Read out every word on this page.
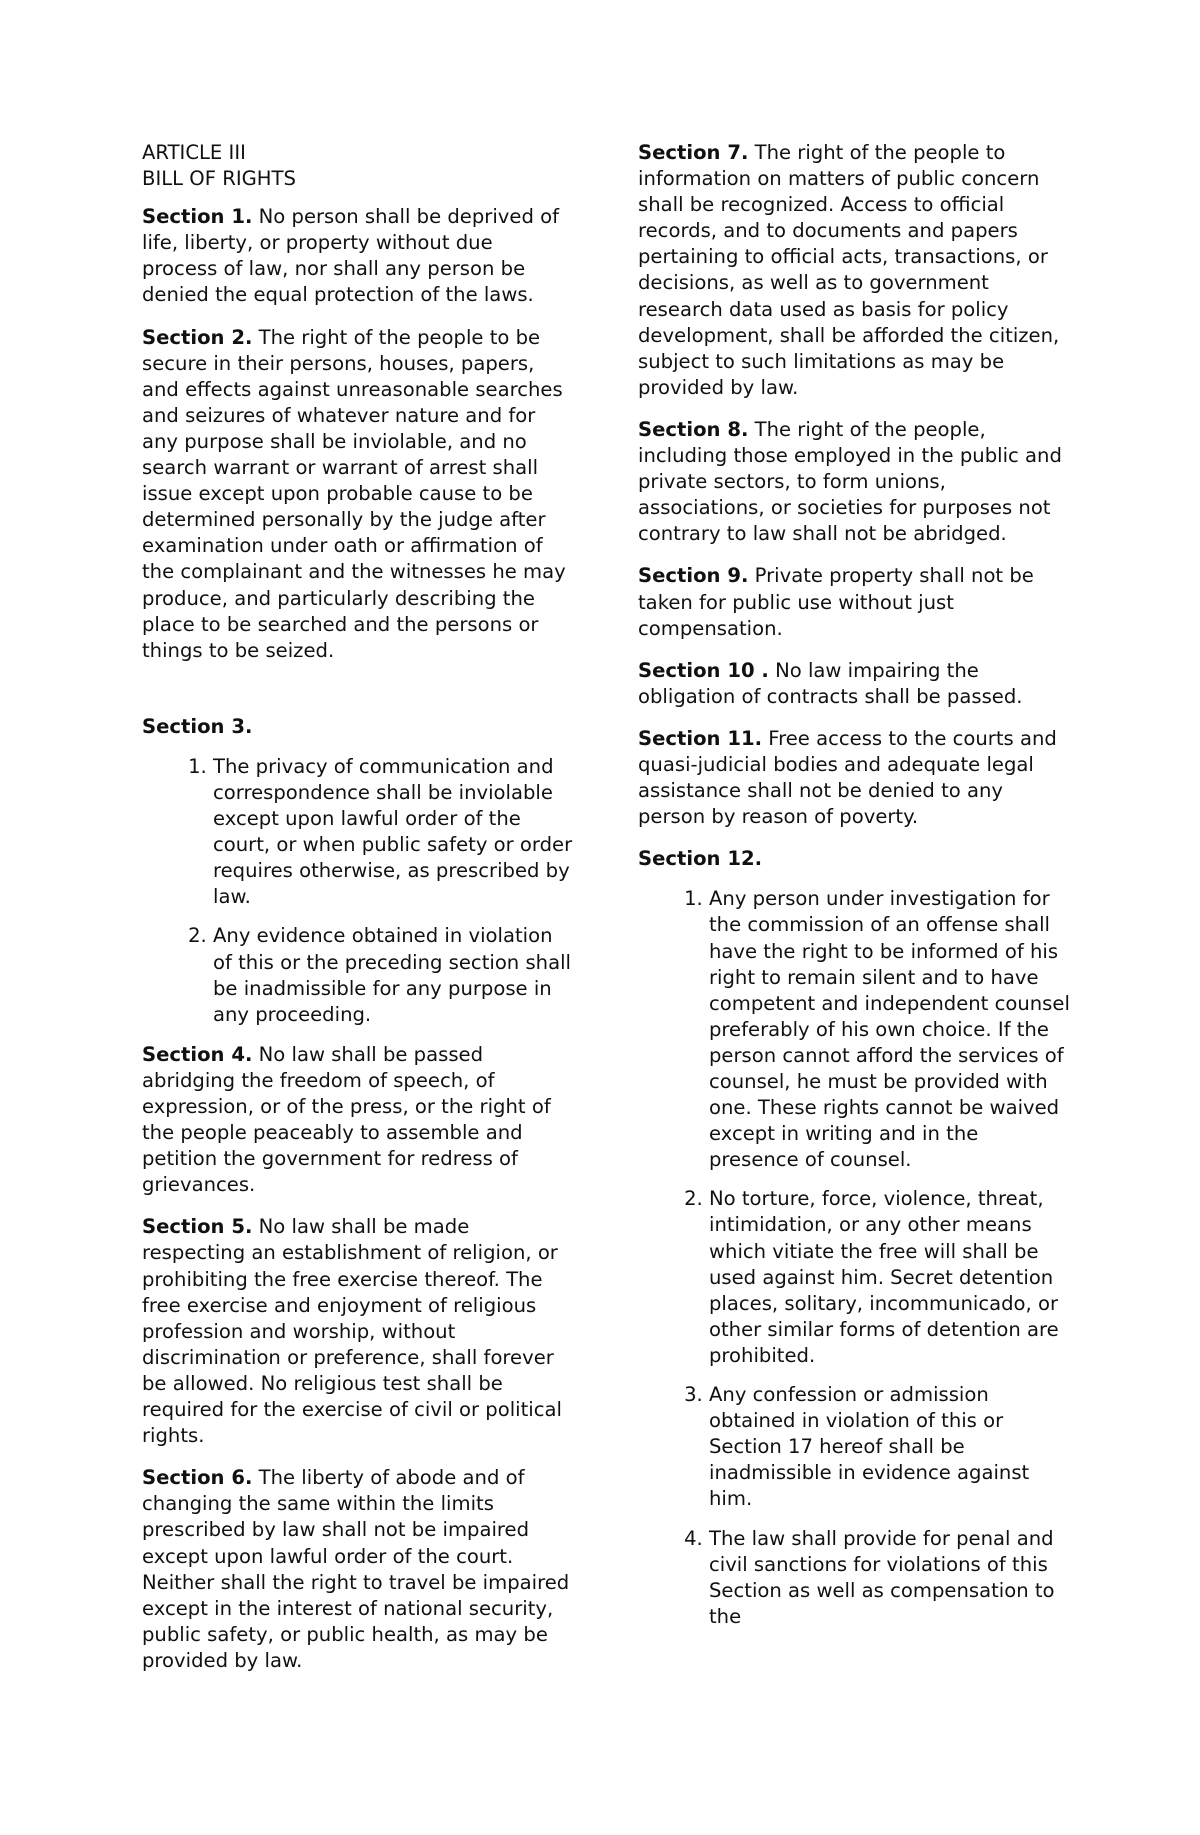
ARTICLE III
BILL OF RIGHTS

Section 1. No person shall be deprived of life, liberty, or property without due process of law, nor shall any person be denied the equal protection of the laws.

Section 2. The right of the people to be secure in their persons, houses, papers, and effects against unreasonable searches and seizures of whatever nature and for any purpose shall be inviolable, and no search warrant or warrant of arrest shall issue except upon probable cause to be determined personally by the judge after examination under oath or affirmation of the complainant and the witnesses he may produce, and particularly describing the place to be searched and the persons or things to be seized.

Section 3.
1. The privacy of communication and correspondence shall be inviolable except upon lawful order of the court, or when public safety or order requires otherwise, as prescribed by law.
2. Any evidence obtained in violation of this or the preceding section shall be inadmissible for any purpose in any proceeding.

Section 4. No law shall be passed abridging the freedom of speech, of expression, or of the press, or the right of the people peaceably to assemble and petition the government for redress of grievances.

Section 5. No law shall be made respecting an establishment of religion, or prohibiting the free exercise thereof. The free exercise and enjoyment of religious profession and worship, without discrimination or preference, shall forever be allowed. No religious test shall be required for the exercise of civil or political rights.

Section 6. The liberty of abode and of changing the same within the limits prescribed by law shall not be impaired except upon lawful order of the court. Neither shall the right to travel be impaired except in the interest of national security, public safety, or public health, as may be provided by law.

Section 7. The right of the people to information on matters of public concern shall be recognized. Access to official records, and to documents and papers pertaining to official acts, transactions, or decisions, as well as to government research data used as basis for policy development, shall be afforded the citizen, subject to such limitations as may be provided by law.

Section 8. The right of the people, including those employed in the public and private sectors, to form unions, associations, or societies for purposes not contrary to law shall not be abridged.

Section 9. Private property shall not be taken for public use without just compensation.

Section 10 . No law impairing the obligation of contracts shall be passed.

Section 11. Free access to the courts and quasi-judicial bodies and adequate legal assistance shall not be denied to any person by reason of poverty.

Section 12.
1. Any person under investigation for the commission of an offense shall have the right to be informed of his right to remain silent and to have competent and independent counsel preferably of his own choice. If the person cannot afford the services of counsel, he must be provided with one. These rights cannot be waived except in writing and in the presence of counsel.
2. No torture, force, violence, threat, intimidation, or any other means which vitiate the free will shall be used against him. Secret detention places, solitary, incommunicado, or other similar forms of detention are prohibited.
3. Any confession or admission obtained in violation of this or Section 17 hereof shall be inadmissible in evidence against him.
4. The law shall provide for penal and civil sanctions for violations of this Section as well as compensation to the
